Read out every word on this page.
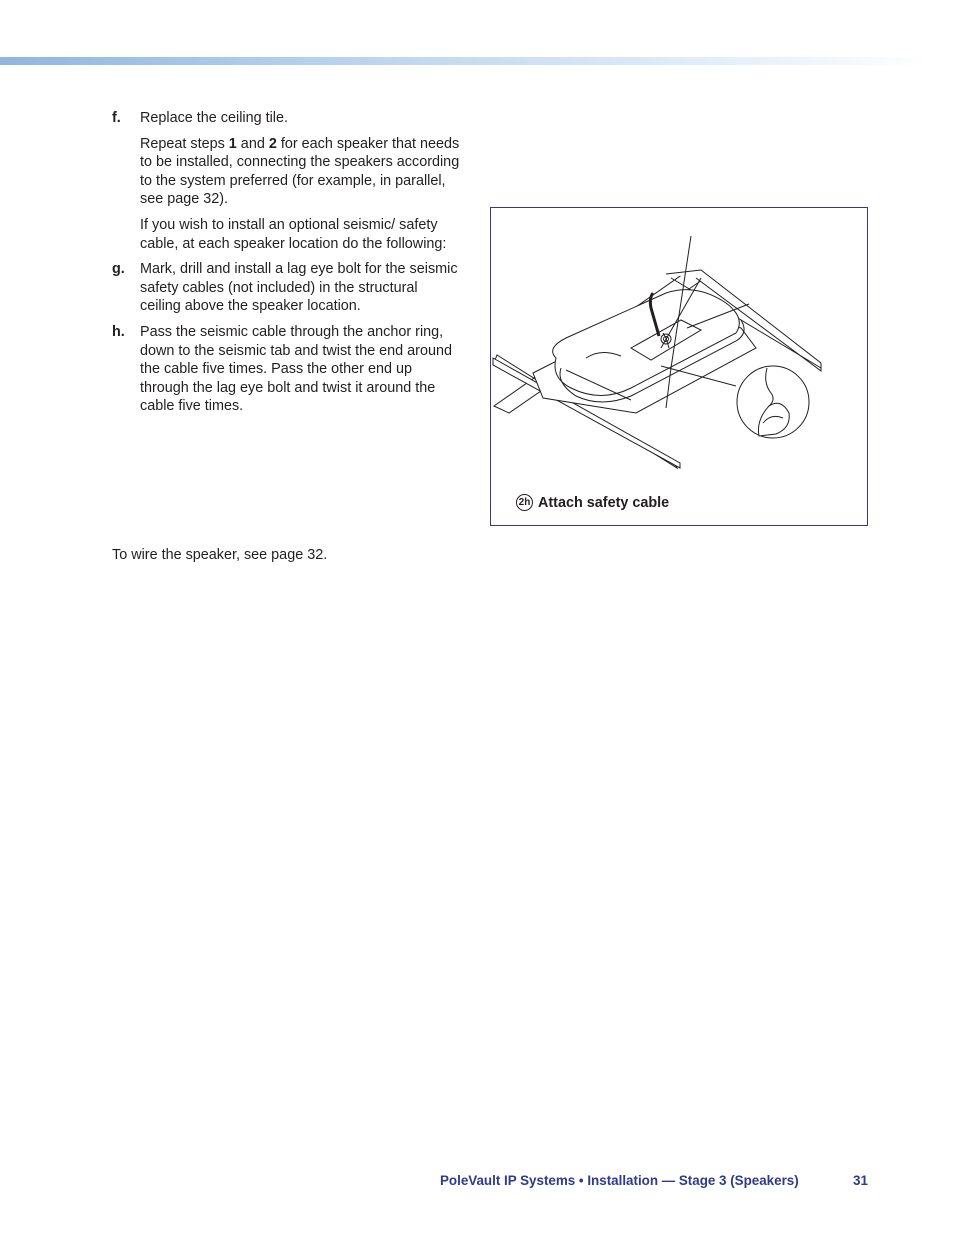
f. Replace the ceiling tile.
Repeat steps 1 and 2 for each speaker that needs to be installed, connecting the speakers according to the system preferred (for example, in parallel, see page 32).
If you wish to install an optional seismic/ safety cable, at each speaker location do the following:
g. Mark, drill and install a lag eye bolt for the seismic safety cables (not included) in the structural ceiling above the speaker location.
h. Pass the seismic cable through the anchor ring, down to the seismic tab and twist the end around the cable five times. Pass the other end up through the lag eye bolt and twist it around the cable five times.
To wire the speaker, see page 32.
2h Attach safety cable
PoleVault IP Systems • Installation — Stage 3 (Speakers)	31
